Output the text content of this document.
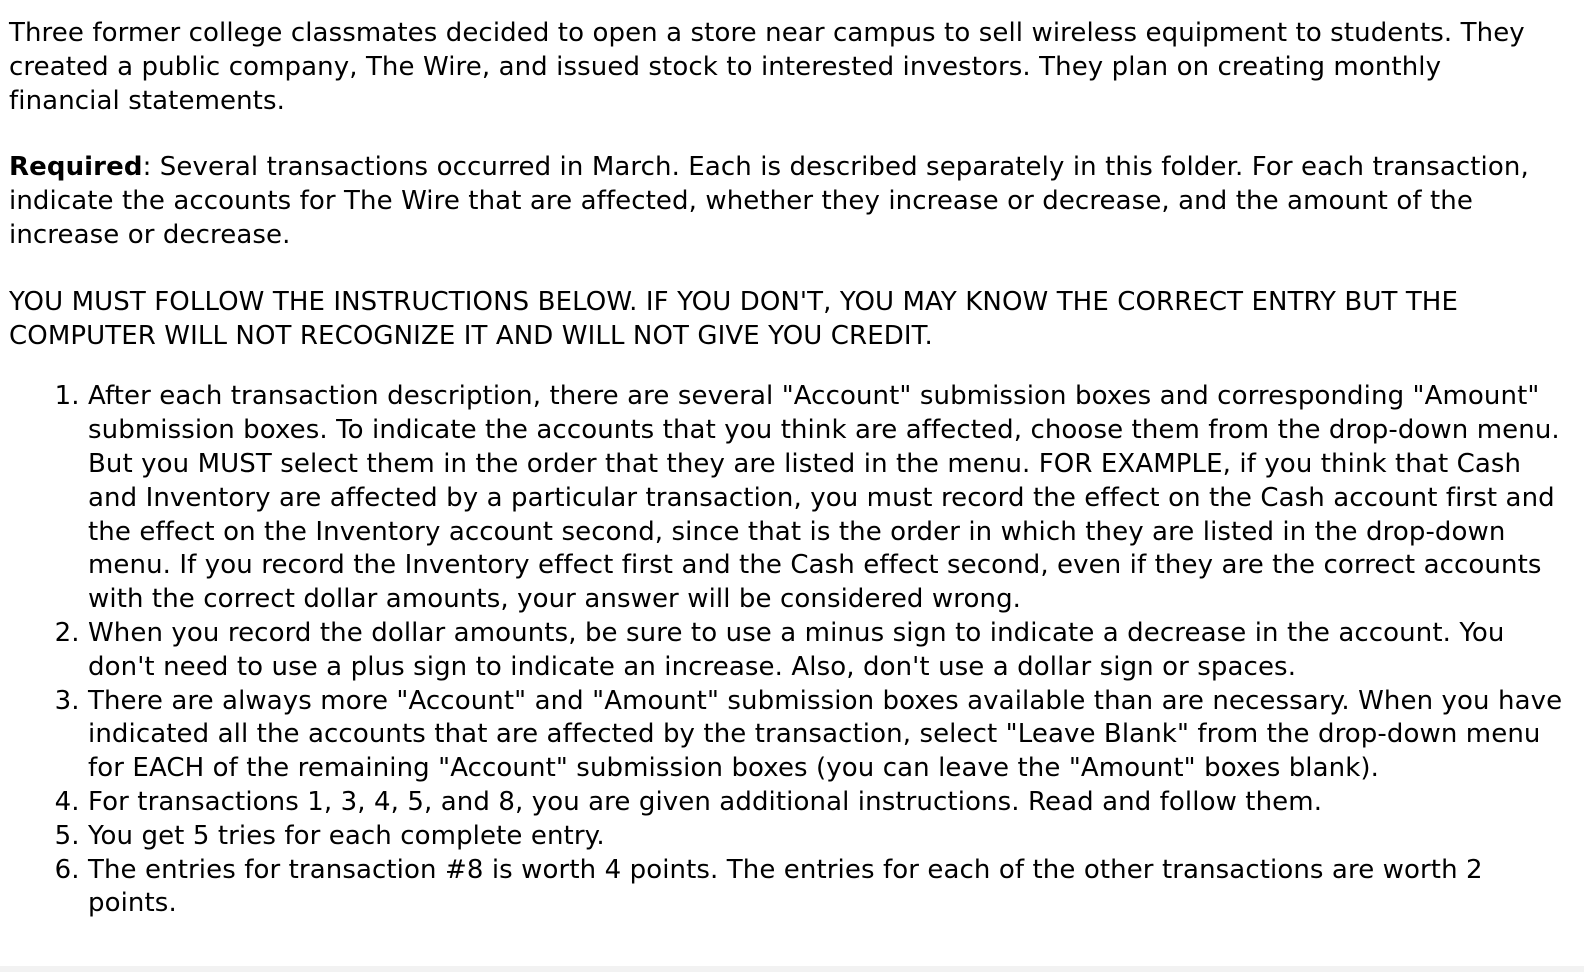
Three former college classmates decided to open a store near campus to sell wireless equipment to students. They created a public company, The Wire, and issued stock to interested investors. They plan on creating monthly financial statements.

Required: Several transactions occurred in March. Each is described separately in this folder. For each transaction, indicate the accounts for The Wire that are affected, whether they increase or decrease, and the amount of the increase or decrease.

YOU MUST FOLLOW THE INSTRUCTIONS BELOW. IF YOU DON'T, YOU MAY KNOW THE CORRECT ENTRY BUT THE COMPUTER WILL NOT RECOGNIZE IT AND WILL NOT GIVE YOU CREDIT.

1. After each transaction description, there are several "Account" submission boxes and corresponding "Amount" submission boxes. To indicate the accounts that you think are affected, choose them from the drop-down menu. But you MUST select them in the order that they are listed in the menu. FOR EXAMPLE, if you think that Cash and Inventory are affected by a particular transaction, you must record the effect on the Cash account first and the effect on the Inventory account second, since that is the order in which they are listed in the drop-down menu. If you record the Inventory effect first and the Cash effect second, even if they are the correct accounts with the correct dollar amounts, your answer will be considered wrong.
2. When you record the dollar amounts, be sure to use a minus sign to indicate a decrease in the account. You don't need to use a plus sign to indicate an increase. Also, don't use a dollar sign or spaces.
3. There are always more "Account" and "Amount" submission boxes available than are necessary. When you have indicated all the accounts that are affected by the transaction, select "Leave Blank" from the drop-down menu for EACH of the remaining "Account" submission boxes (you can leave the "Amount" boxes blank).
4. For transactions 1, 3, 4, 5, and 8, you are given additional instructions. Read and follow them.
5. You get 5 tries for each complete entry.
6. The entries for transaction #8 is worth 4 points. The entries for each of the other transactions are worth 2 points.
